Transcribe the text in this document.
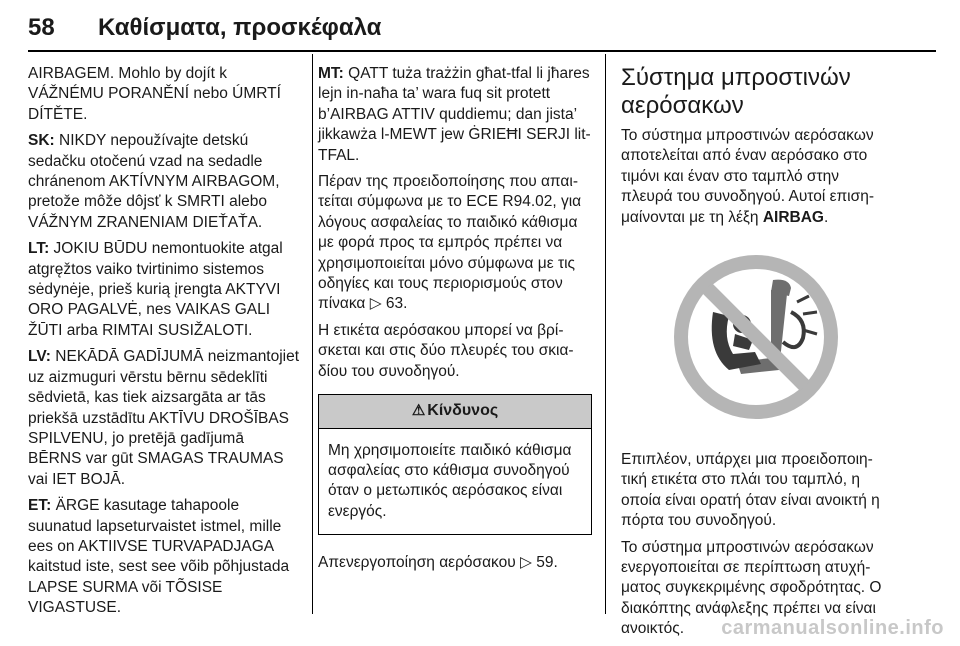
58 Καθίσματα, προσκέφαλα

AIRBAGEM. Mohlo by dojít k VÁŽNÉMU PORANĚNÍ nebo ÚMRTÍ DÍTĚTE.

SK: NIKDY nepoužívajte detskú sedačku otočenú vzad na sedadle chránenom AKTÍVNYM AIRBAGOM, pretože môže dôjsť k SMRTI alebo VÁŽNYM ZRANENIAM DIEŤAŤA.

LT: JOKIU BŪDU nemontuokite atgal atgręžtos vaiko tvirtinimo sistemos sėdynėje, prieš kurią įrengta AKTYVI ORO PAGALVĖ, nes VAIKAS GALI ŽŪTI arba RIMTAI SUSIŽALOTI.

LV: NEKĀDĀ GADĪJUMĀ neizmantojiet uz aizmuguri vērstu bērnu sēdeklīti sēdvietā, kas tiek aizsargāta ar tās priekšā uzstādītu AKTĪVU DROŠĪBAS SPILVENU, jo pretējā gadījumā BĒRNS var gūt SMAGAS TRAUMAS vai IET BOJĀ.

ET: ÄRGE kasutage tahapoole suunatud lapseturvaistet istmel, mille ees on AKTIIVSE TURVAPADJAGA kaitstud iste, sest see võib põhjustada LAPSE SURMA või TÕSISE VIGASTUSE.

MT: QATT tuża trażżin għat-tfal li jħares lejn in-naħa ta’ wara fuq sit protett b’AIRBAG ATTIV quddiemu; dan jista’ jikkawża l-MEWT jew ĠRIEĦI SERJI lit-TFAL.

Πέραν της προειδοποίησης που απαιτείται σύμφωνα με το ECE R94.02, για λόγους ασφαλείας το παιδικό κάθισμα με φορά προς τα εμπρός πρέπει να χρησιμοποιείται μόνο σύμφωνα με τις οδηγίες και τους περιορισμούς στον πίνακα ▷ 63.

Η ετικέτα αερόσακου μπορεί να βρίσκεται και στις δύο πλευρές του σκιαδίου του συνοδηγού.

⚠ Κίνδυνος
Μη χρησιμοποιείτε παιδικό κάθισμα ασφαλείας στο κάθισμα συνοδηγού όταν ο μετωπικός αερόσακος είναι ενεργός.

Απενεργοποίηση αερόσακου ▷ 59.

Σύστημα μπροστινών αερόσακων

Το σύστημα μπροστινών αερόσακων αποτελείται από έναν αερόσακο στο τιμόνι και έναν στο ταμπλό στην πλευρά του συνοδηγού. Αυτοί επισημαίνονται με τη λέξη AIRBAG.

Επιπλέον, υπάρχει μια προειδοποιητική ετικέτα στο πλάι του ταμπλό, η οποία είναι ορατή όταν είναι ανοικτή η πόρτα του συνοδηγού.

Το σύστημα μπροστινών αερόσακων ενεργοποιείται σε περίπτωση ατυχήματος συγκεκριμένης σφοδρότητας. Ο διακόπτης ανάφλεξης πρέπει να είναι ανοικτός.	carmanualsonline.info
